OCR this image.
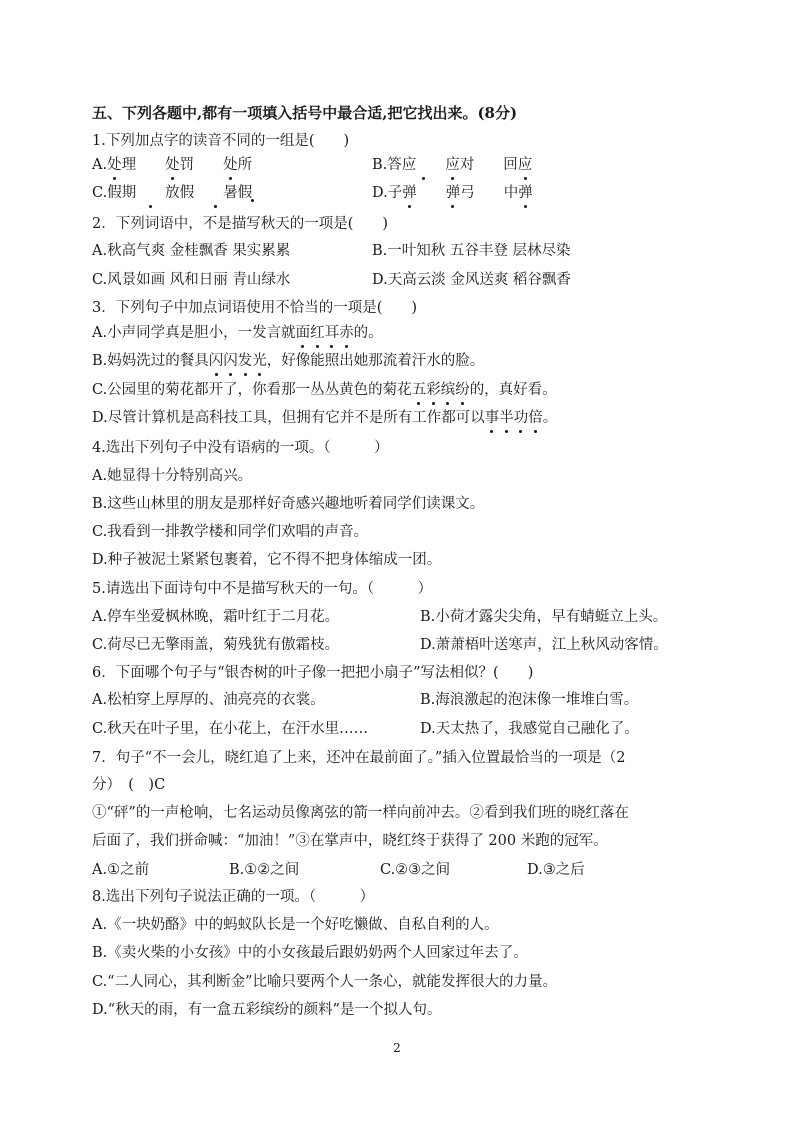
五、下列各题中,都有一项填入括号中最合适,把它找出来。(8分)
1.下列加点字的读音不同的一组是(　　)
A.处理　　处罚　　处所	B.答应　　应对　　回应
C.假期　　放假　　暑假	D.子弹　　 弹弓　　中弹
2．下列词语中，不是描写秋天的一项是(　　)
A.秋高气爽 金桂飘香 果实累累	B.一叶知秋 五谷丰登 层林尽染
C.风景如画 风和日丽 青山绿水	D.天高云淡 金风送爽 稻谷飘香
3．下列句子中加点词语使用不恰当的一项是(　　)
A.小声同学真是胆小，一发言就面红耳赤的。
B.妈妈洗过的餐具闪闪发光，好像能照出她那流着汗水的脸。
C.公园里的菊花都开了，你看那一丛丛黄色的菊花五彩缤纷的，真好看。
D.尽管计算机是高科技工具，但拥有它并不是所有工作都可以事半功倍。
4.选出下列句子中没有语病的一项。（　　　）
A.她显得十分特别高兴。
B.这些山林里的朋友是那样好奇感兴趣地听着同学们读课文。
C.我看到一排教学楼和同学们欢唱的声音。
D.种子被泥土紧紧包裹着，它不得不把身体缩成一团。
5.请选出下面诗句中不是描写秋天的一句。（　　　）
A.停车坐爱枫林晚，霜叶红于二月花。	B.小荷才露尖尖角，早有蜻蜓立上头。
C.荷尽已无擎雨盖，菊残犹有傲霜枝。	D.萧萧梧叶送寒声，江上秋风动客情。
6．下面哪个句子与“银杏树的叶子像一把把小扇子”写法相似？(　　)
A.松柏穿上厚厚的、油亮亮的衣裳。	B.海浪激起的泡沫像一堆堆白雪。
C.秋天在叶子里，在小花上，在汗水里……	D.天太热了，我感觉自己融化了。
7．句子“不一会儿，晓红追了上来，还冲在最前面了。”插入位置最恰当的一项是（2
分）　(　)C
①“砰”的一声枪响，七名运动员像离弦的箭一样向前冲去。②看到我们班的晓红落在
后面了，我们拼命喊：“加油！”③在掌声中，晓红终于获得了 200 米跑的冠军。
A.①之前	B.①②之间	C.②③之间	D.③之后
8.选出下列句子说法正确的一项。（　　　）
A.《一块奶酪》中的蚂蚁队长是一个好吃懒做、自私自利的人。
B.《卖火柴的小女孩》中的小女孩最后跟奶奶两个人回家过年去了。
C.“二人同心，其利断金”比喻只要两个人一条心，就能发挥很大的力量。
D.“秋天的雨，有一盒五彩缤纷的颜料”是一个拟人句。
2
